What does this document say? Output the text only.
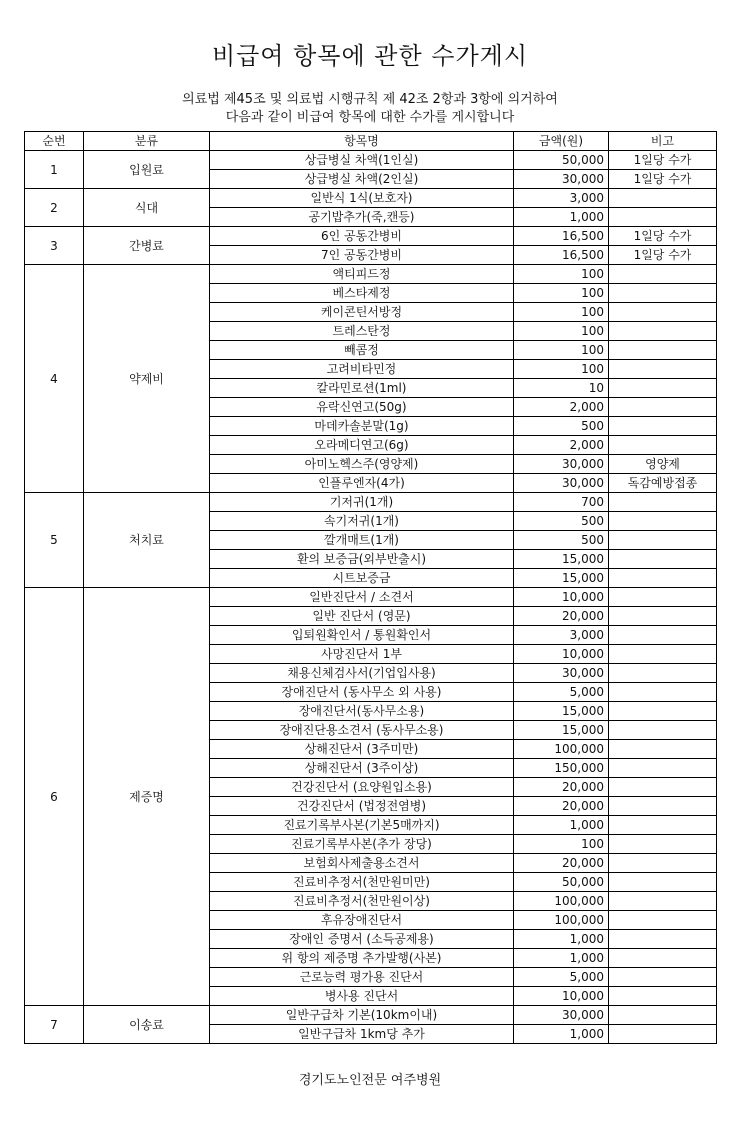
비급여 항목에 관한 수가게시
의료법 제45조 및 의료법 시행규칙 제 42조 2항과 3항에 의거하여
다음과 같이 비급여 항목에 대한 수가를 게시합니다
순번	분류	항목명	금액(원)	비고
1	입원료	상급병실 차액(1인실)	50,000	1일당 수가
		상급병실 차액(2인실)	30,000	1일당 수가
2	식대	일반식 1식(보호자)	3,000	
		공기밥추가(죽,캔등)	1,000	
3	간병료	6인 공동간병비	16,500	1일당 수가
		7인 공동간병비	16,500	1일당 수가
4	약제비	액티피드정	100	
		베스타제정	100	
		케이콘틴서방정	100	
		트레스탄정	100	
		빼콤정	100	
		고려비타민정	100	
		칼라민로션(1ml)	10	
		유락신연고(50g)	2,000	
		마데카솔분말(1g)	500	
		오라메디연고(6g)	2,000	
		아미노헥스주(영양제)	30,000	영양제
		인플루엔자(4가)	30,000	독감예방접종
5	처치료	기저귀(1개)	700	
		속기저귀(1개)	500	
		깔개매트(1개)	500	
		환의 보증금(외부반출시)	15,000	
		시트보증금	15,000	
6	제증명	일반진단서 / 소견서	10,000	
		일반 진단서 (영문)	20,000	
		입퇴원확인서 / 통원확인서	3,000	
		사망진단서 1부	10,000	
		채용신체검사서(기업입사용)	30,000	
		장애진단서 (동사무소 외 사용)	5,000	
		장애진단서(동사무소용)	15,000	
		장애진단용소견서 (동사무소용)	15,000	
		상해진단서 (3주미만)	100,000	
		상해진단서 (3주이상)	150,000	
		건강진단서 (요양원입소용)	20,000	
		건강진단서 (법정전염병)	20,000	
		진료기록부사본(기본5매까지)	1,000	
		진료기록부사본(추가 장당)	100	
		보험회사제출용소견서	20,000	
		진료비추정서(천만원미만)	50,000	
		진료비추정서(천만원이상)	100,000	
		후유장애진단서	100,000	
		장애인 증명서 (소득공제용)	1,000	
		위 항의 제증명 추가발행(사본)	1,000	
		근로능력 평가용 진단서	5,000	
		병사용 진단서	10,000	
7	이송료	일반구급차 기본(10km이내)	30,000	
		일반구급차 1km당 추가	1,000	
경기도노인전문 여주병원
